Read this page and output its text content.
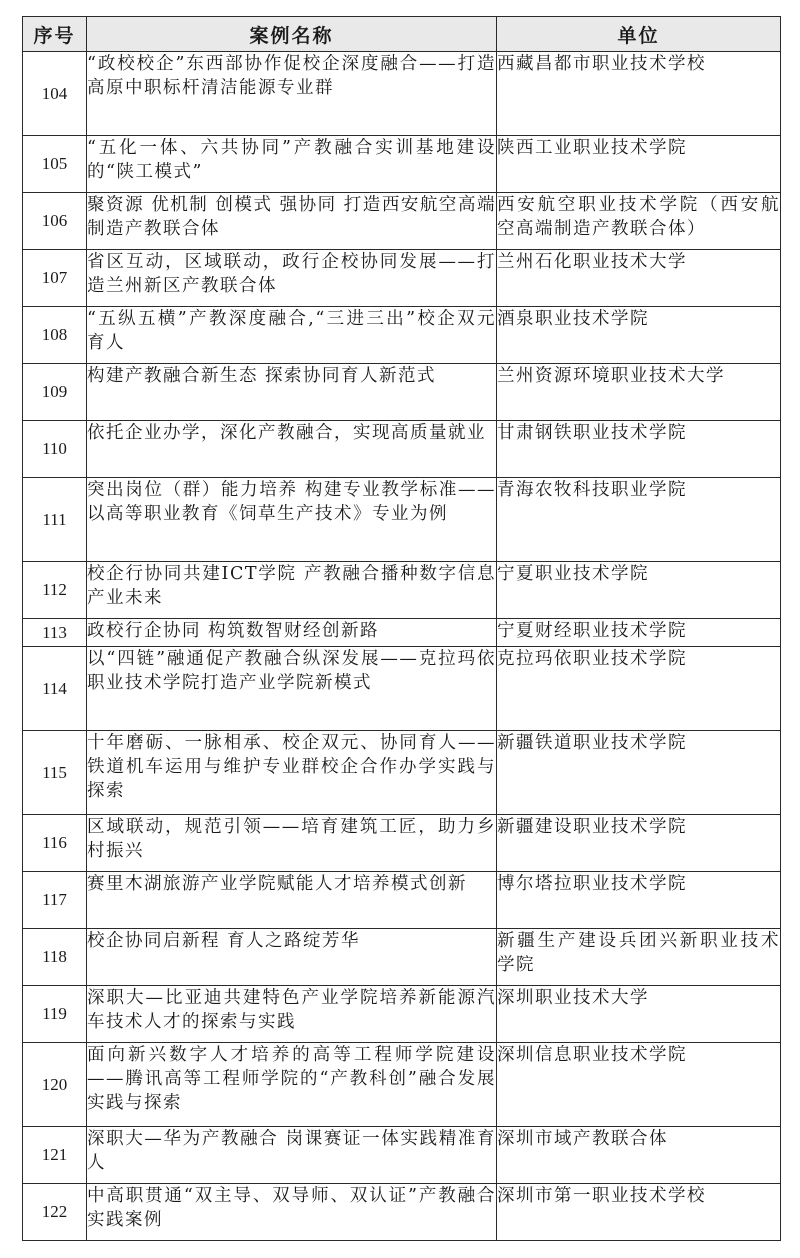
序号	案例名称	单位
104	“政校校企”东西部协作促校企深度融合——打造高原中职标杆清洁能源专业群	西藏昌都市职业技术学校
105	“五化一体、六共协同”产教融合实训基地建设的“陕工模式”	陕西工业职业技术学院
106	聚资源 优机制 创模式 强协同 打造西安航空高端制造产教联合体	西安航空职业技术学院（西安航空高端制造产教联合体）
107	省区互动，区域联动，政行企校协同发展——打造兰州新区产教联合体	兰州石化职业技术大学
108	“五纵五横”产教深度融合,“三进三出”校企双元育人	酒泉职业技术学院
109	构建产教融合新生态 探索协同育人新范式	兰州资源环境职业技术大学
110	依托企业办学，深化产教融合，实现高质量就业	甘肃钢铁职业技术学院
111	突出岗位（群）能力培养 构建专业教学标准——以高等职业教育《饲草生产技术》专业为例	青海农牧科技职业学院
112	校企行协同共建ICT学院 产教融合播种数字信息产业未来	宁夏职业技术学院
113	政校行企协同 构筑数智财经创新路	宁夏财经职业技术学院
114	以“四链”融通促产教融合纵深发展——克拉玛依职业技术学院打造产业学院新模式	克拉玛依职业技术学院
115	十年磨砺、一脉相承、校企双元、协同育人——铁道机车运用与维护专业群校企合作办学实践与探索	新疆铁道职业技术学院
116	区域联动，规范引领——培育建筑工匠，助力乡村振兴	新疆建设职业技术学院
117	赛里木湖旅游产业学院赋能人才培养模式创新	博尔塔拉职业技术学院
118	校企协同启新程 育人之路绽芳华	新疆生产建设兵团兴新职业技术学院
119	深职大—比亚迪共建特色产业学院培养新能源汽车技术人才的探索与实践	深圳职业技术大学
120	面向新兴数字人才培养的高等工程师学院建设——腾讯高等工程师学院的“产教科创”融合发展实践与探索	深圳信息职业技术学院
121	深职大—华为产教融合 岗课赛证一体实践精准育人	深圳市域产教联合体
122	中高职贯通“双主导、双导师、双认证”产教融合实践案例	深圳市第一职业技术学校
